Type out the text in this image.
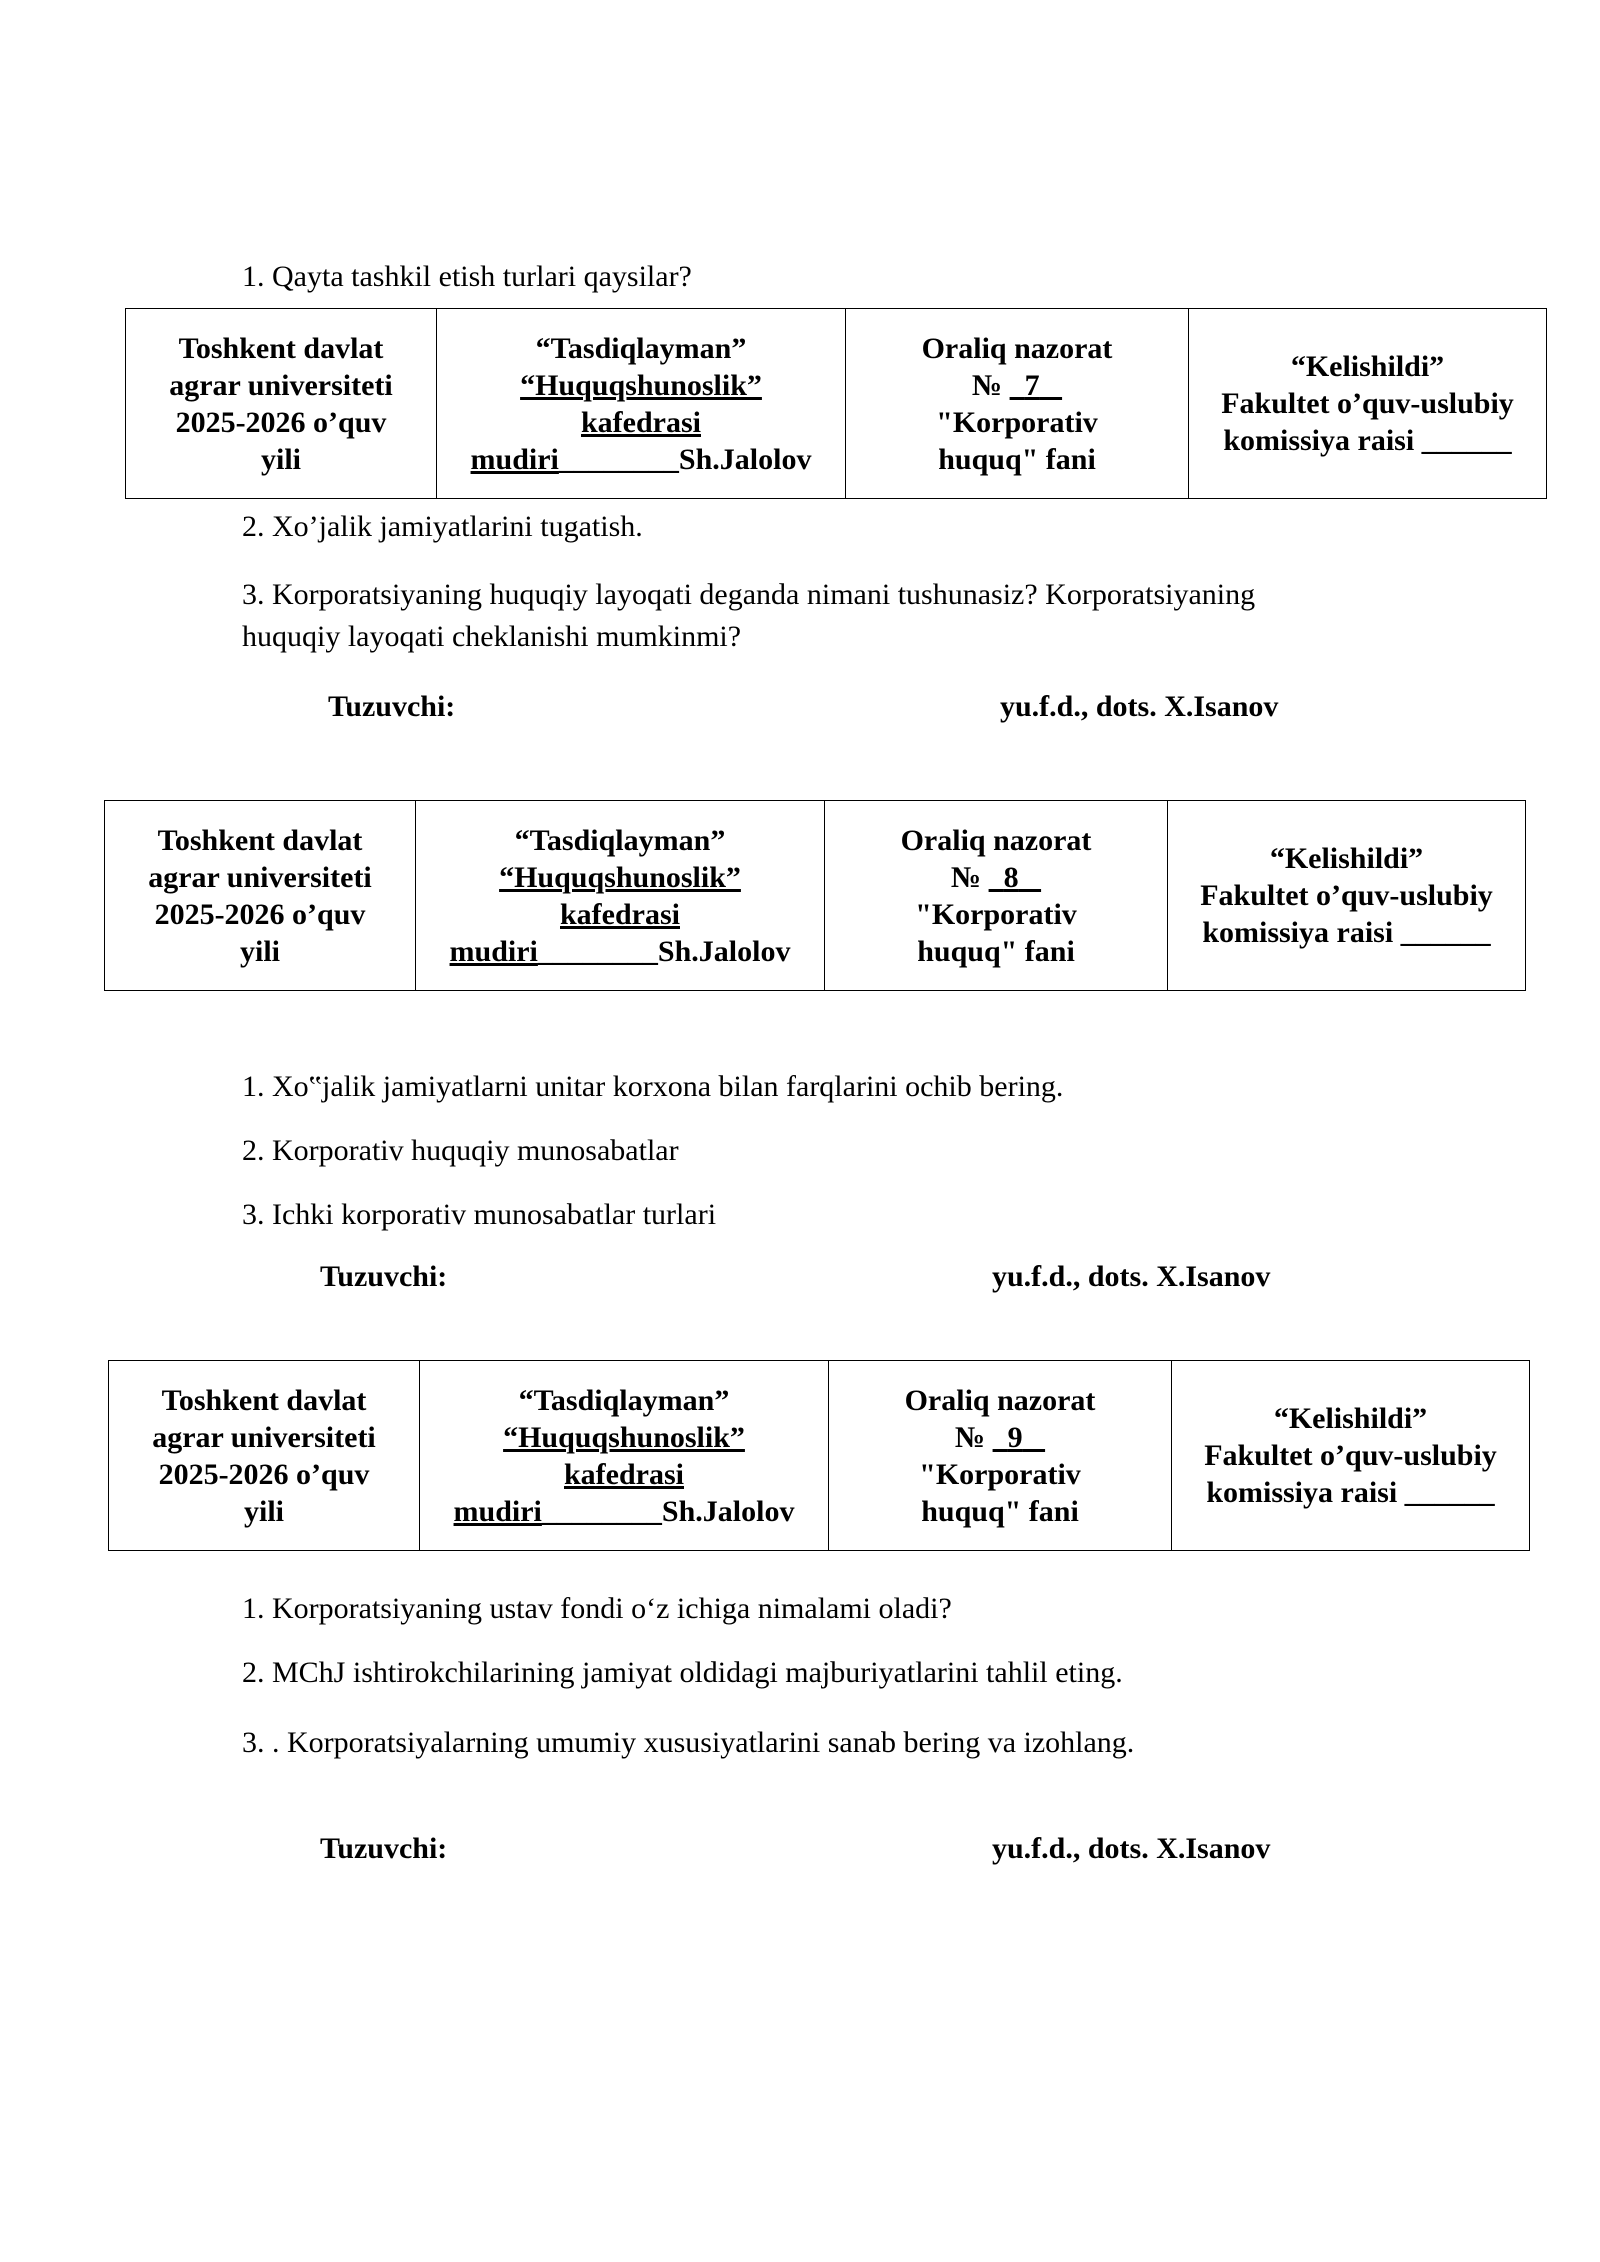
1. Qayta tashkil etish turlari qaysilar?
Toshkent davlat
agrar universiteti
2025-2026 o’quv
yili

“Tasdiqlayman”
“Huquqshunoslik”
kafedrasi
mudiri________Sh.Jalolov

Oraliq nazorat
№ 7
"Korporativ
huquq" fani

“Kelishildi”
Fakultet o’quv-uslubiy
komissiya raisi ______
2. Xo’jalik jamiyatlarini tugatish.
3. Korporatsiyaning huquqiy layoqati deganda nimani tushunasiz? Korporatsiyaning
huquqiy layoqati cheklanishi mumkinmi?
Tuzuvchi:	yu.f.d., dots. X.Isanov
Toshkent davlat
agrar universiteti
2025-2026 o’quv
yili

“Tasdiqlayman”
“Huquqshunoslik”
kafedrasi
mudiri________Sh.Jalolov

Oraliq nazorat
№ 8
"Korporativ
huquq" fani

“Kelishildi”
Fakultet o’quv-uslubiy
komissiya raisi ______
1. Xo‟jalik jamiyatlarni unitar korxona bilan farqlarini ochib bering.
2. Korporativ huquqiy munosabatlar
3. Ichki korporativ munosabatlar turlari
Tuzuvchi:	yu.f.d., dots. X.Isanov
Toshkent davlat
agrar universiteti
2025-2026 o’quv
yili

“Tasdiqlayman”
“Huquqshunoslik”
kafedrasi
mudiri________Sh.Jalolov

Oraliq nazorat
№ 9
"Korporativ
huquq" fani

“Kelishildi”
Fakultet o’quv-uslubiy
komissiya raisi ______
1. Korporatsiyaning ustav fondi o‘z ichiga nimalami oladi?
2. MChJ ishtirokchilarining jamiyat oldidagi majburiyatlarini tahlil eting.
3. . Korporatsiyalarning umumiy xususiyatlarini sanab bering va izohlang.
Tuzuvchi:	yu.f.d., dots. X.Isanov
